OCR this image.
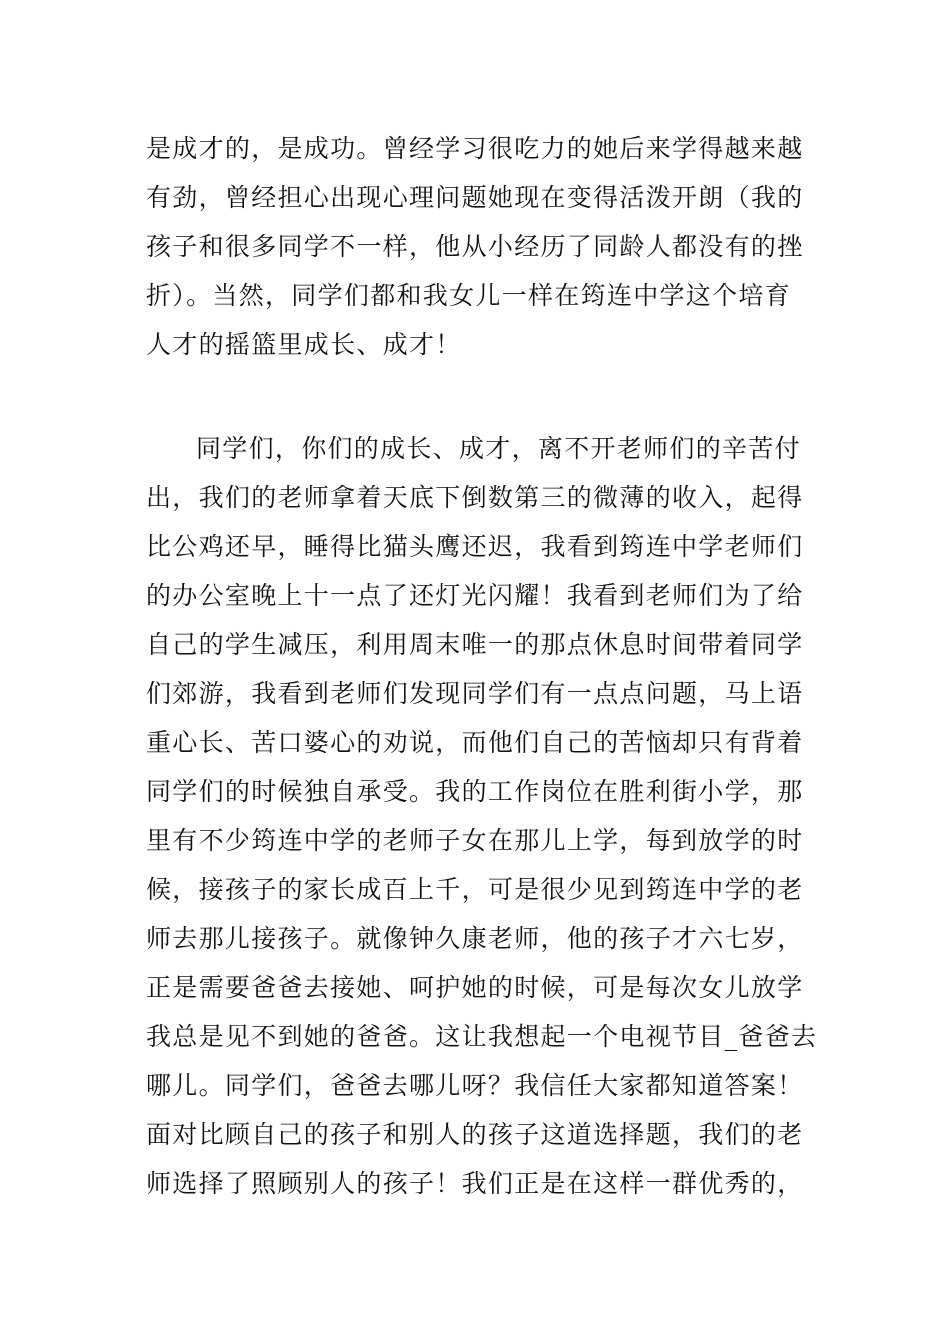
是成才的，是成功。曾经学习很吃力的她后来学得越来越
有劲，曾经担心出现心理问题她现在变得活泼开朗（我的
孩子和很多同学不一样，他从小经历了同龄人都没有的挫
折）。当然，同学们都和我女儿一样在筠连中学这个培育
人才的摇篮里成长、成才！
同学们，你们的成长、成才，离不开老师们的辛苦付
出，我们的老师拿着天底下倒数第三的微薄的收入，起得
比公鸡还早，睡得比猫头鹰还迟，我看到筠连中学老师们
的办公室晚上十一点了还灯光闪耀！我看到老师们为了给
自己的学生减压，利用周末唯一的那点休息时间带着同学
们郊游，我看到老师们发现同学们有一点点问题，马上语
重心长、苦口婆心的劝说，而他们自己的苦恼却只有背着
同学们的时候独自承受。我的工作岗位在胜利街小学，那
里有不少筠连中学的老师子女在那儿上学，每到放学的时
候，接孩子的家长成百上千，可是很少见到筠连中学的老
师去那儿接孩子。就像钟久康老师，他的孩子才六七岁，
正是需要爸爸去接她、呵护她的时候，可是每次女儿放学
我总是见不到她的爸爸。这让我想起一个电视节目_爸爸去
哪儿。同学们，爸爸去哪儿呀？我信任大家都知道答案！
面对比顾自己的孩子和别人的孩子这道选择题，我们的老
师选择了照顾别人的孩子！我们正是在这样一群优秀的，
